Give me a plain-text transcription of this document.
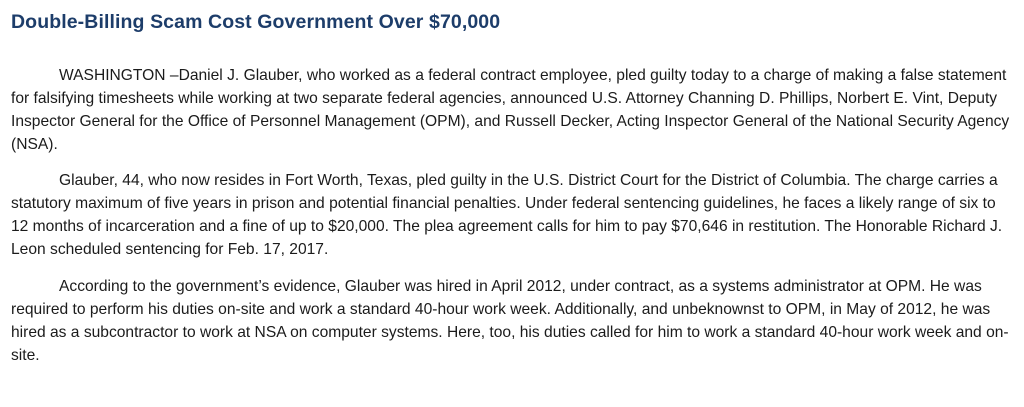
Double-Billing Scam Cost Government Over $70,000

WASHINGTON –Daniel J. Glauber, who worked as a federal contract employee, pled guilty today to a charge of making a false statement for falsifying timesheets while working at two separate federal agencies, announced U.S. Attorney Channing D. Phillips, Norbert E. Vint, Deputy Inspector General for the Office of Personnel Management (OPM), and Russell Decker, Acting Inspector General of the National Security Agency (NSA).

Glauber, 44, who now resides in Fort Worth, Texas, pled guilty in the U.S. District Court for the District of Columbia. The charge carries a statutory maximum of five years in prison and potential financial penalties. Under federal sentencing guidelines, he faces a likely range of six to 12 months of incarceration and a fine of up to $20,000. The plea agreement calls for him to pay $70,646 in restitution. The Honorable Richard J. Leon scheduled sentencing for Feb. 17, 2017.

According to the government’s evidence, Glauber was hired in April 2012, under contract, as a systems administrator at OPM. He was required to perform his duties on-site and work a standard 40-hour work week. Additionally, and unbeknownst to OPM, in May of 2012, he was hired as a subcontractor to work at NSA on computer systems. Here, too, his duties called for him to work a standard 40-hour work week and on-site.
